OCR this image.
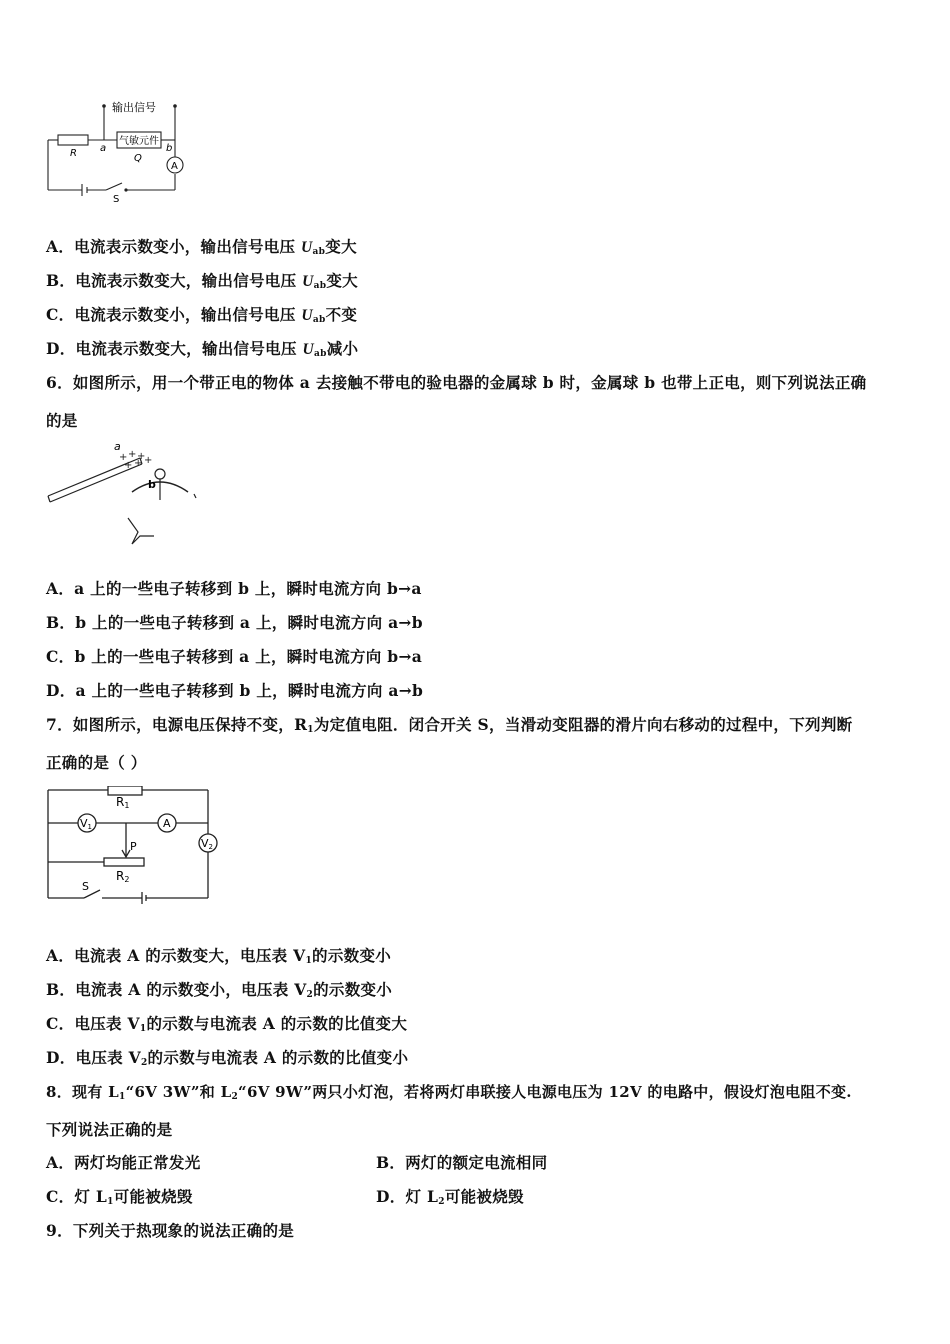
输出信号
R a	b
气敏元件
Q
A
S
A．电流表示数变小，输出信号电压 $U_{ab}$变大
B．电流表示数变大，输出信号电压 $U_{ab}$变大
C．电流表示数变小，输出信号电压 $U_{ab}$不变
D．电流表示数变大，输出信号电压 $U_{ab}$减小
6．如图所示，用一个带正电的物体 a 去接触不带电的验电器的金属球 b 时，金属球 b 也带上正电，则下列说法正确
的是
a
b
+ + +
+ + +
A．a 上的一些电子转移到 b 上，瞬时电流方向 b→a
B．b 上的一些电子转移到 a 上，瞬时电流方向 a→b
C．b 上的一些电子转移到 a 上，瞬时电流方向 b→a
D．a 上的一些电子转移到 b 上，瞬时电流方向 a→b
7．如图所示，电源电压保持不变，$R_1$为定值电阻．闭合开关 S，当滑动变阻器的滑片向右移动的过程中，下列判断
正确的是（ ）
R1
V1	A
V2
P
R2
S
A．电流表 A 的示数变大，电压表 $V_1$的示数变小
B．电流表 A 的示数变小，电压表 $V_2$的示数变小
C．电压表 $V_1$的示数与电流表 A 的示数的比值变大
D．电压表 $V_2$的示数与电流表 A 的示数的比值变小
8．现有 $L_1“6V$ 3W”和 $L_2“6V$ 9W”两只小灯泡，若将两灯串联接人电源电压为 12V 的电路中，假设灯泡电阻不变.
下列说法正确的是
A．两灯均能正常发光	B．两灯的额定电流相同
C．灯 $L_1$可能被烧毁	D．灯 $L_2$可能被烧毁
9．下列关于热现象的说法正确的是
